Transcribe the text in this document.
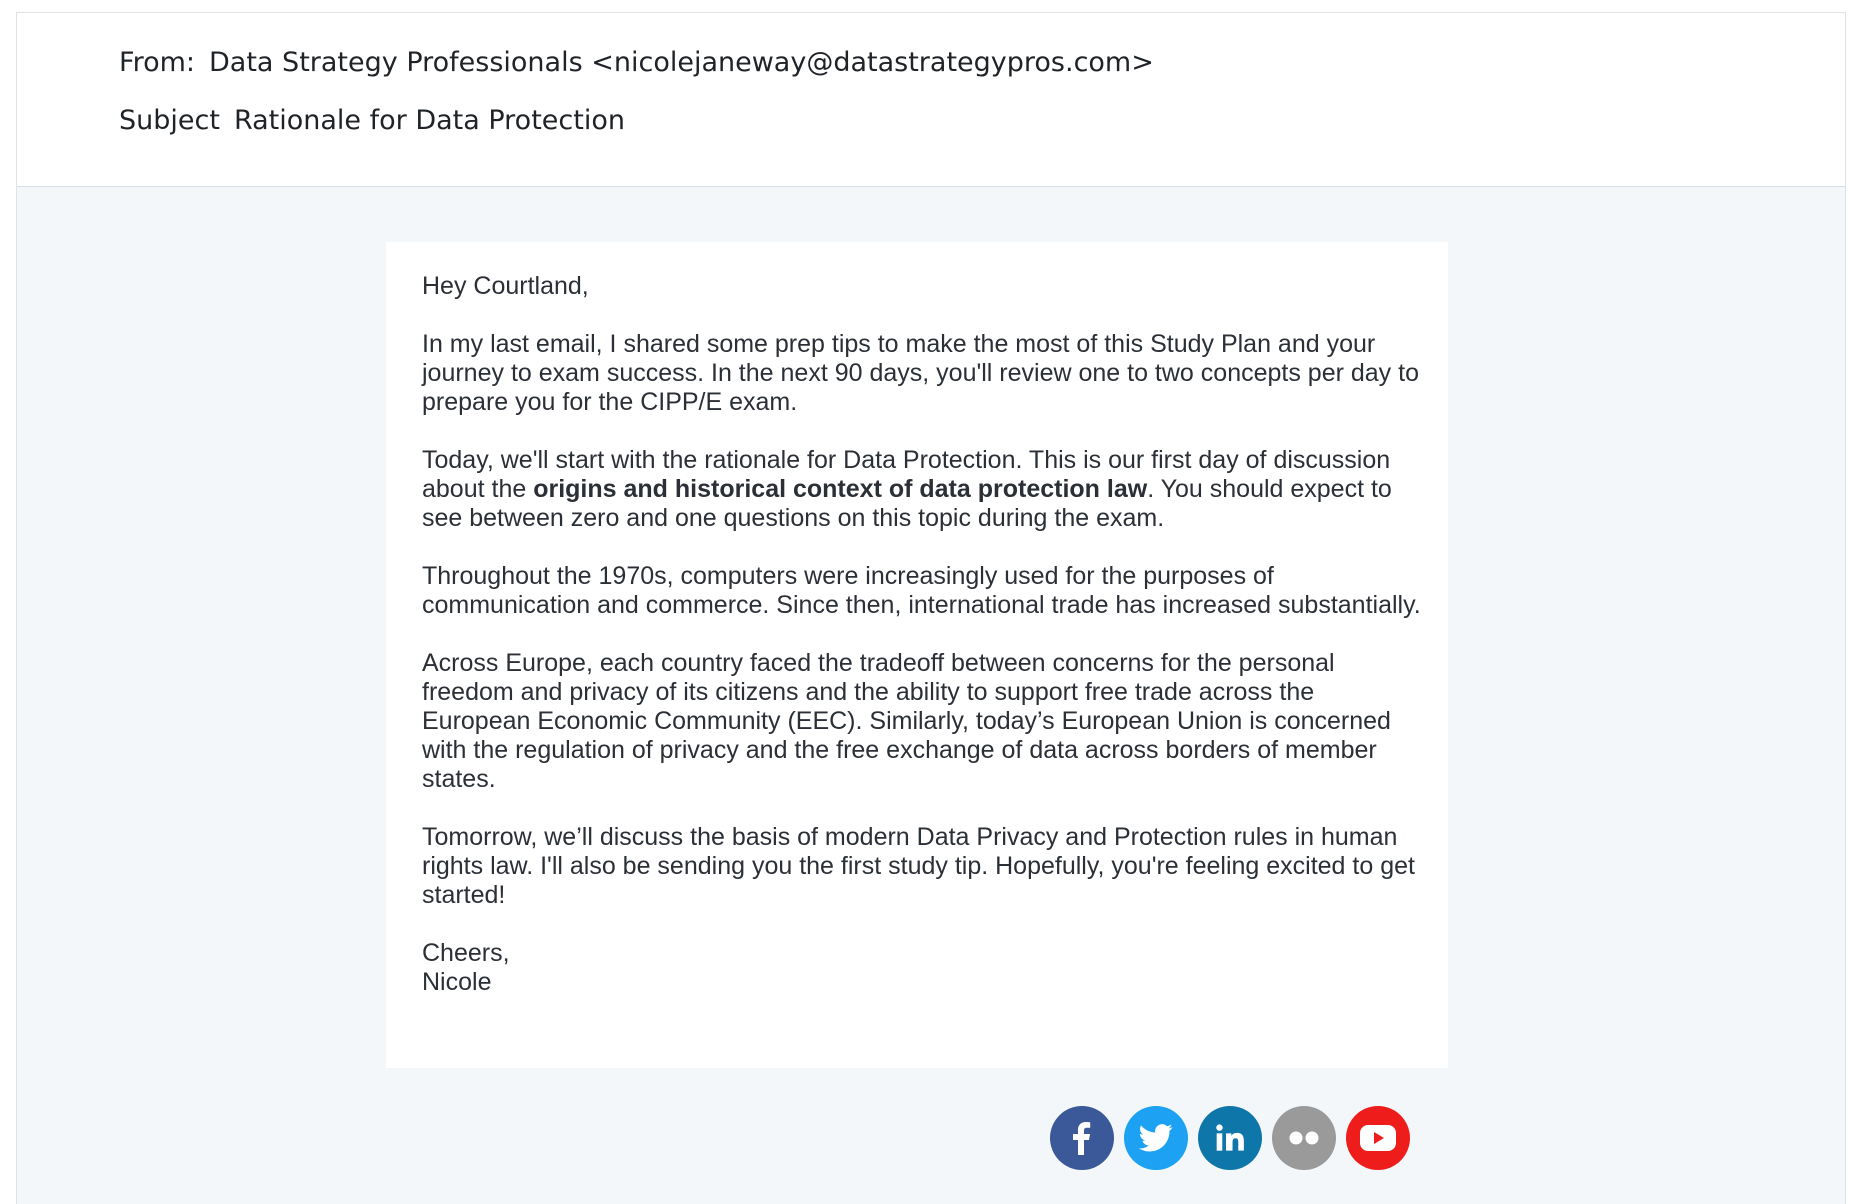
From: Data Strategy Professionals <nicolejaneway@datastrategypros.com>
Subject Rationale for Data Protection

Hey Courtland,

In my last email, I shared some prep tips to make the most of this Study Plan and your journey to exam success. In the next 90 days, you'll review one to two concepts per day to prepare you for the CIPP/E exam.

Today, we'll start with the rationale for Data Protection. This is our first day of discussion about the origins and historical context of data protection law. You should expect to see between zero and one questions on this topic during the exam.

Throughout the 1970s, computers were increasingly used for the purposes of communication and commerce. Since then, international trade has increased substantially.

Across Europe, each country faced the tradeoff between concerns for the personal freedom and privacy of its citizens and the ability to support free trade across the European Economic Community (EEC). Similarly, today’s European Union is concerned with the regulation of privacy and the free exchange of data across borders of member states.

Tomorrow, we’ll discuss the basis of modern Data Privacy and Protection rules in human rights law. I'll also be sending you the first study tip. Hopefully, you're feeling excited to get started!

Cheers,

Nicole
